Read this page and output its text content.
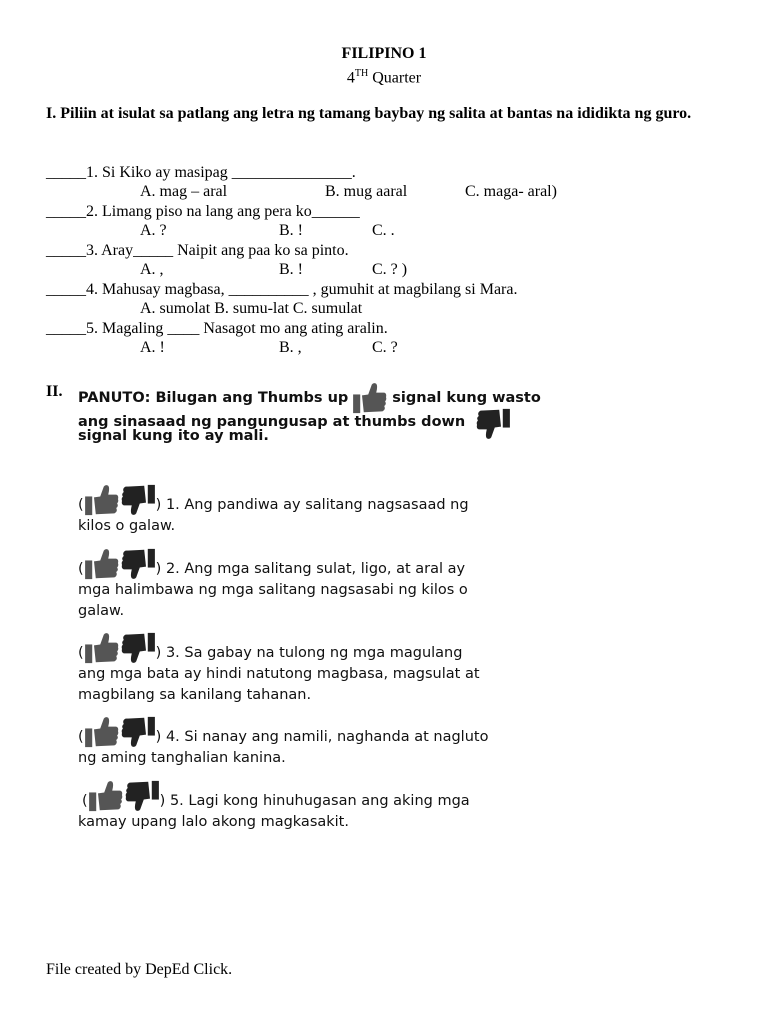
FILIPINO 1
4TH Quarter
I. Piliin at isulat sa patlang ang letra ng tamang baybay ng salita at bantas na ididikta ng guro.
_____1. Si Kiko ay masipag _______________.
A. mag – aral	B. mug aaral	C. maga- aral)
_____2. Limang piso na lang ang pera ko______
A. ?	B. !	C. .
_____3. Aray_____ Naipit ang paa ko sa pinto.
A. ,	B. !	C. ? )
_____4. Mahusay magbasa, __________ , gumuhit at magbilang si Mara.
A. sumolat B. sumu-lat C. sumulat
_____5. Magaling ____ Nasagot mo ang ating aralin.
A. !	B. ,	C. ?
II. PANUTO : Bilugan ang Thumbs up	signal kung wasto
ang sinasaad ng pangungusap at thumbs down
signal kung ito ay mali.
(	) 1. Ang pandiwa ay salitang nagsasaad ng
kilos o galaw.
(	) 2. Ang mga salitang sulat, ligo, at aral ay
mga halimbawa ng mga salitang nagsasabi ng kilos o
galaw.
(	) 3. Sa gabay na tulong ng mga magulang
ang mga bata ay hindi natutong magbasa, magsulat at
magbilang sa kanilang tahanan.
(	) 4. Si nanay ang namili, naghanda at nagluto
ng aming tanghalian kanina.
(	) 5. Lagi kong hinuhugasan ang aking mga
kamay upang lalo akong magkasakit.
File created by DepEd Click.
